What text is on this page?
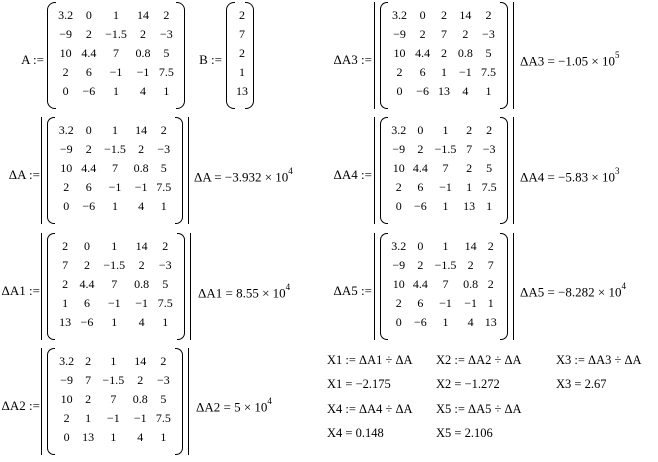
A :=
3.2	0	1	14	2
−9	2	−1.5	2	−3
10	4.4	7	0.8	5
2	6	−1	−1	7.5
0	−6	1	4	1
B :=
2
7
2
1
13
ΔA3 :=
3.2	0	2	14	2
−9	2	7	2	−3
10	4.4	2	0.8	5
2	6	1	−1	7.5
0	−6	13	4	1
$\Delta A3 = -1.05 \times 10^5$
ΔA :=
3.2	0	1	14	2
−9	2	−1.5	2	−3
10	4.4	7	0.8	5
2	6	−1	−1	7.5
0	−6	1	4	1
$\Delta A = -3.932 \times 10^4$	ΔA4 :=
3.2	0	1	2	2
−9	2	−1.5	7	−3
10	4.4	7	2	5
2	6	−1	1	7.5
0	−6	1	13	1
$\Delta A4 = -5.83 \times 10^3$
ΔA1 :=
2	0	1	14	2
7	2	−1.5	2	−3
2	4.4	7	0.8	5
1	6	−1	−1	7.5
13	−6	1	4	1
$\Delta A1 = 8.55 \times 10^4$	ΔA5 :=
3.2	0	1	14	2
−9	2	−1.5	2	7
10	4.4	7	0.8	2
2	6	−1	−1	1
0	−6	1	4	13
$\Delta A5 = -8.282 \times 10^4$
ΔA2 :=
3.2	2	1	14	2
−9	7	−1.5	2	−3
10	2	7	0.8	5
2	1	−1	−1	7.5
0	13	1	4	1
$\Delta A2 = 5 \times 10^4$
X1 := ΔA1 ÷ ΔA X2 := ΔA2 ÷ ΔA	X3 := ΔA3 ÷ ΔA
X1 = −2.175	X2 = −1.272	X3 = 2.67
X4 := ΔA4 ÷ ΔA X5 := ΔA5 ÷ ΔA
X4 = 0.148	X5 = 2.106
